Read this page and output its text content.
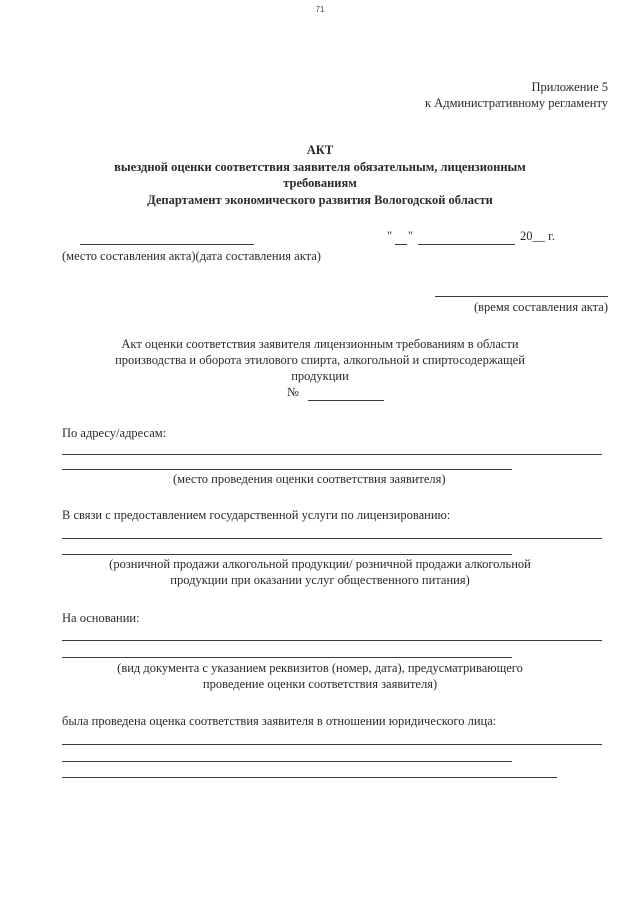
71
Приложение 5
к Административному регламенту
АКТ
выездной оценки соответствия заявителя обязательным, лицензионным
требованиям
Департамент экономического развития Вологодской области
" "	20__ г.
(место составления акта)(дата составления акта)
(время составления акта)
Акт оценки соответствия заявителя лицензионным требованиям в области
производства и оборота этилового спирта, алкогольной и спиртосодержащей
продукции
№
По адресу/адресам:
(место проведения оценки соответствия заявителя)
В связи с предоставлением государственной услуги по лицензированию:
(розничной продажи алкогольной продукции/ розничной продажи алкогольной
продукции при оказании услуг общественного питания)
На основании:
(вид документа с указанием реквизитов (номер, дата), предусматривающего
проведение оценки соответствия заявителя)
была проведена оценка соответствия заявителя в отношении юридического лица:
